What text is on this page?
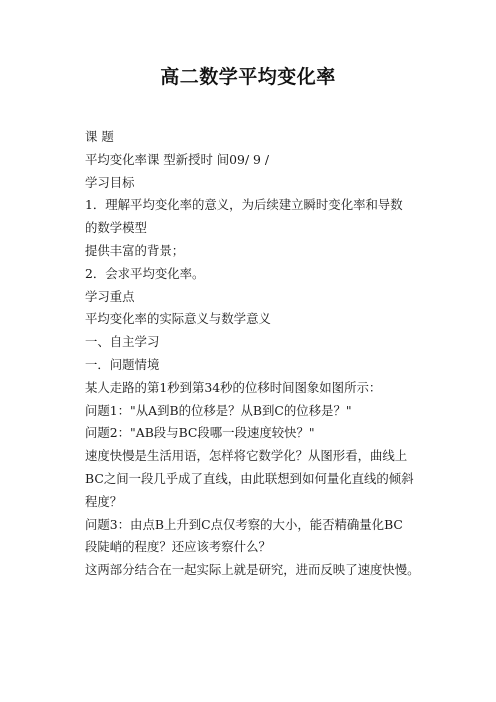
高二数学平均变化率
课 题
平均变化率课 型新授时 间09/ 9 /
学习目标
1．理解平均变化率的意义，为后续建立瞬时变化率和导数
的数学模型
提供丰富的背景；
2．会求平均变化率。
学习重点
平均变化率的实际意义与数学意义
一、自主学习
一．问题情境
某人走路的第1秒到第34秒的位移时间图象如图所示：
问题1："从A到B的位移是？从B到C的位移是？"
问题2："AB段与BC段哪一段速度较快？"
速度快慢是生活用语，怎样将它数学化？从图形看，曲线上
BC之间一段几乎成了直线，由此联想到如何量化直线的倾斜
程度？
问题3：由点B上升到C点仅考察的大小，能否精确量化BC
段陡峭的程度？还应该考察什么？
这两部分结合在一起实际上就是研究，进而反映了速度快慢。
